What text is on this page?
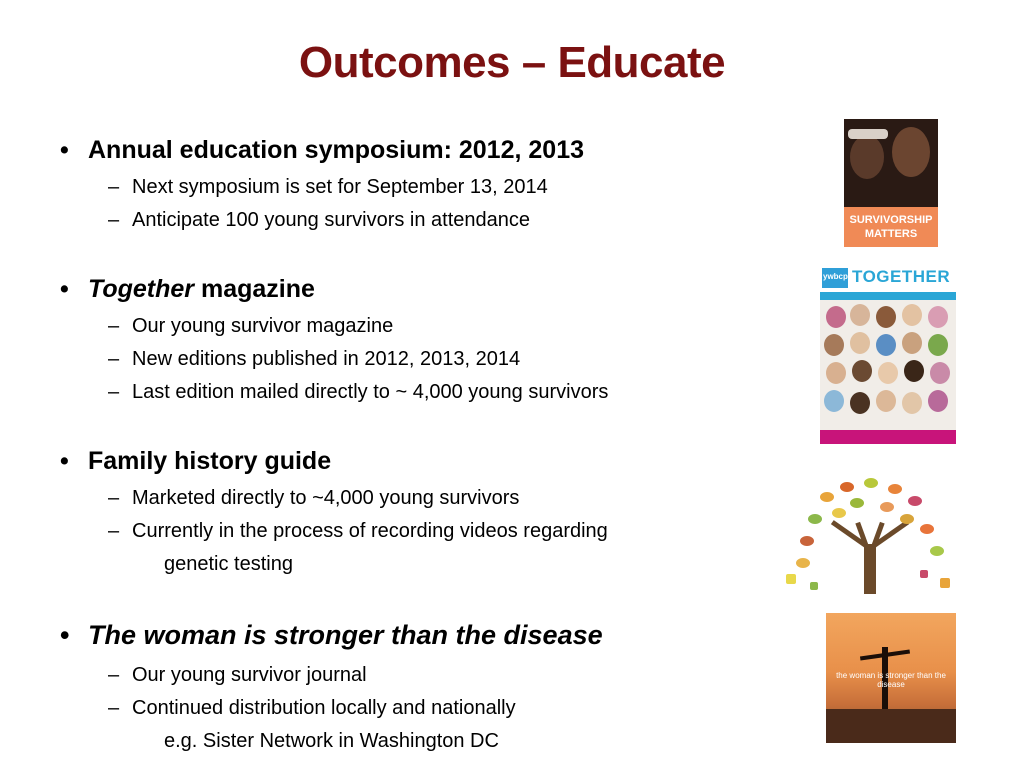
Outcomes – Educate
• Annual education symposium: 2012, 2013
– Next symposium is set for September 13, 2014
– Anticipate 100 young survivors in attendance
• Together magazine
– Our young survivor magazine
– New editions published in 2012, 2013, 2014
– Last edition mailed directly to ~ 4,000 young survivors
• Family history guide
– Marketed directly to ~4,000 young survivors
– Currently in the process of recording videos regarding
genetic testing
• The woman is stronger than the disease
– Our young survivor journal
– Continued distribution locally and nationally
e.g. Sister Network in Washington DC
SURVIVORSHIP
MATTERS
ywbcp TOGETHER
the woman is stronger than the disease
